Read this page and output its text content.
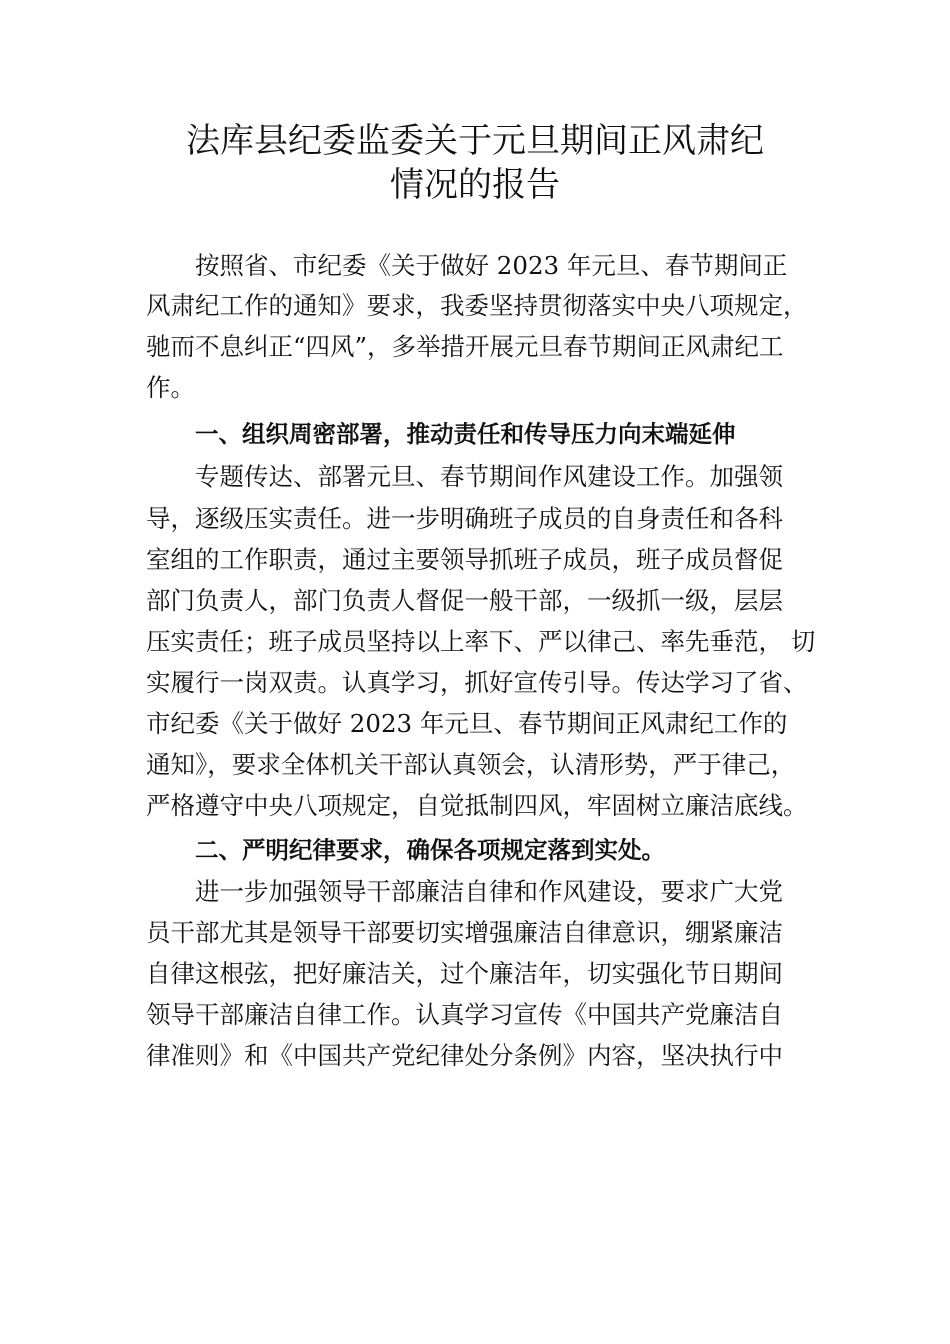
法库县纪委监委关于元旦期间正风肃纪
情况的报告

按照省、市纪委《关于做好 2023 年元旦、春节期间正

风肃纪工作的通知》要求，我委坚持贯彻落实中央八项规定，

驰而不息纠正“四风”，多举措开展元旦春节期间正风肃纪工

作。

一、组织周密部署，推动责任和传导压力向末端延伸

专题传达、部署元旦、春节期间作风建设工作。加强领

导，逐级压实责任。进一步明确班子成员的自身责任和各科

室组的工作职责，通过主要领导抓班子成员，班子成员督促

部门负责人，部门负责人督促一般干部，一级抓一级，层层

压实责任；班子成员坚持以上率下、严以律己、率先垂范， 切

实履行一岗双责。认真学习，抓好宣传引导。传达学习了省、

市纪委《关于做好 2023 年元旦、春节期间正风肃纪工作的

通知》，要求全体机关干部认真领会，认清形势，严于律己，

严格遵守中央八项规定，自觉抵制四风，牢固树立廉洁底线。

二、严明纪律要求，确保各项规定落到实处。

进一步加强领导干部廉洁自律和作风建设，要求广大党

员干部尤其是领导干部要切实增强廉洁自律意识，绷紧廉洁

自律这根弦，把好廉洁关，过个廉洁年，切实强化节日期间

领导干部廉洁自律工作。认真学习宣传《中国共产党廉洁自

律准则》和《中国共产党纪律处分条例》内容，坚决执行中
